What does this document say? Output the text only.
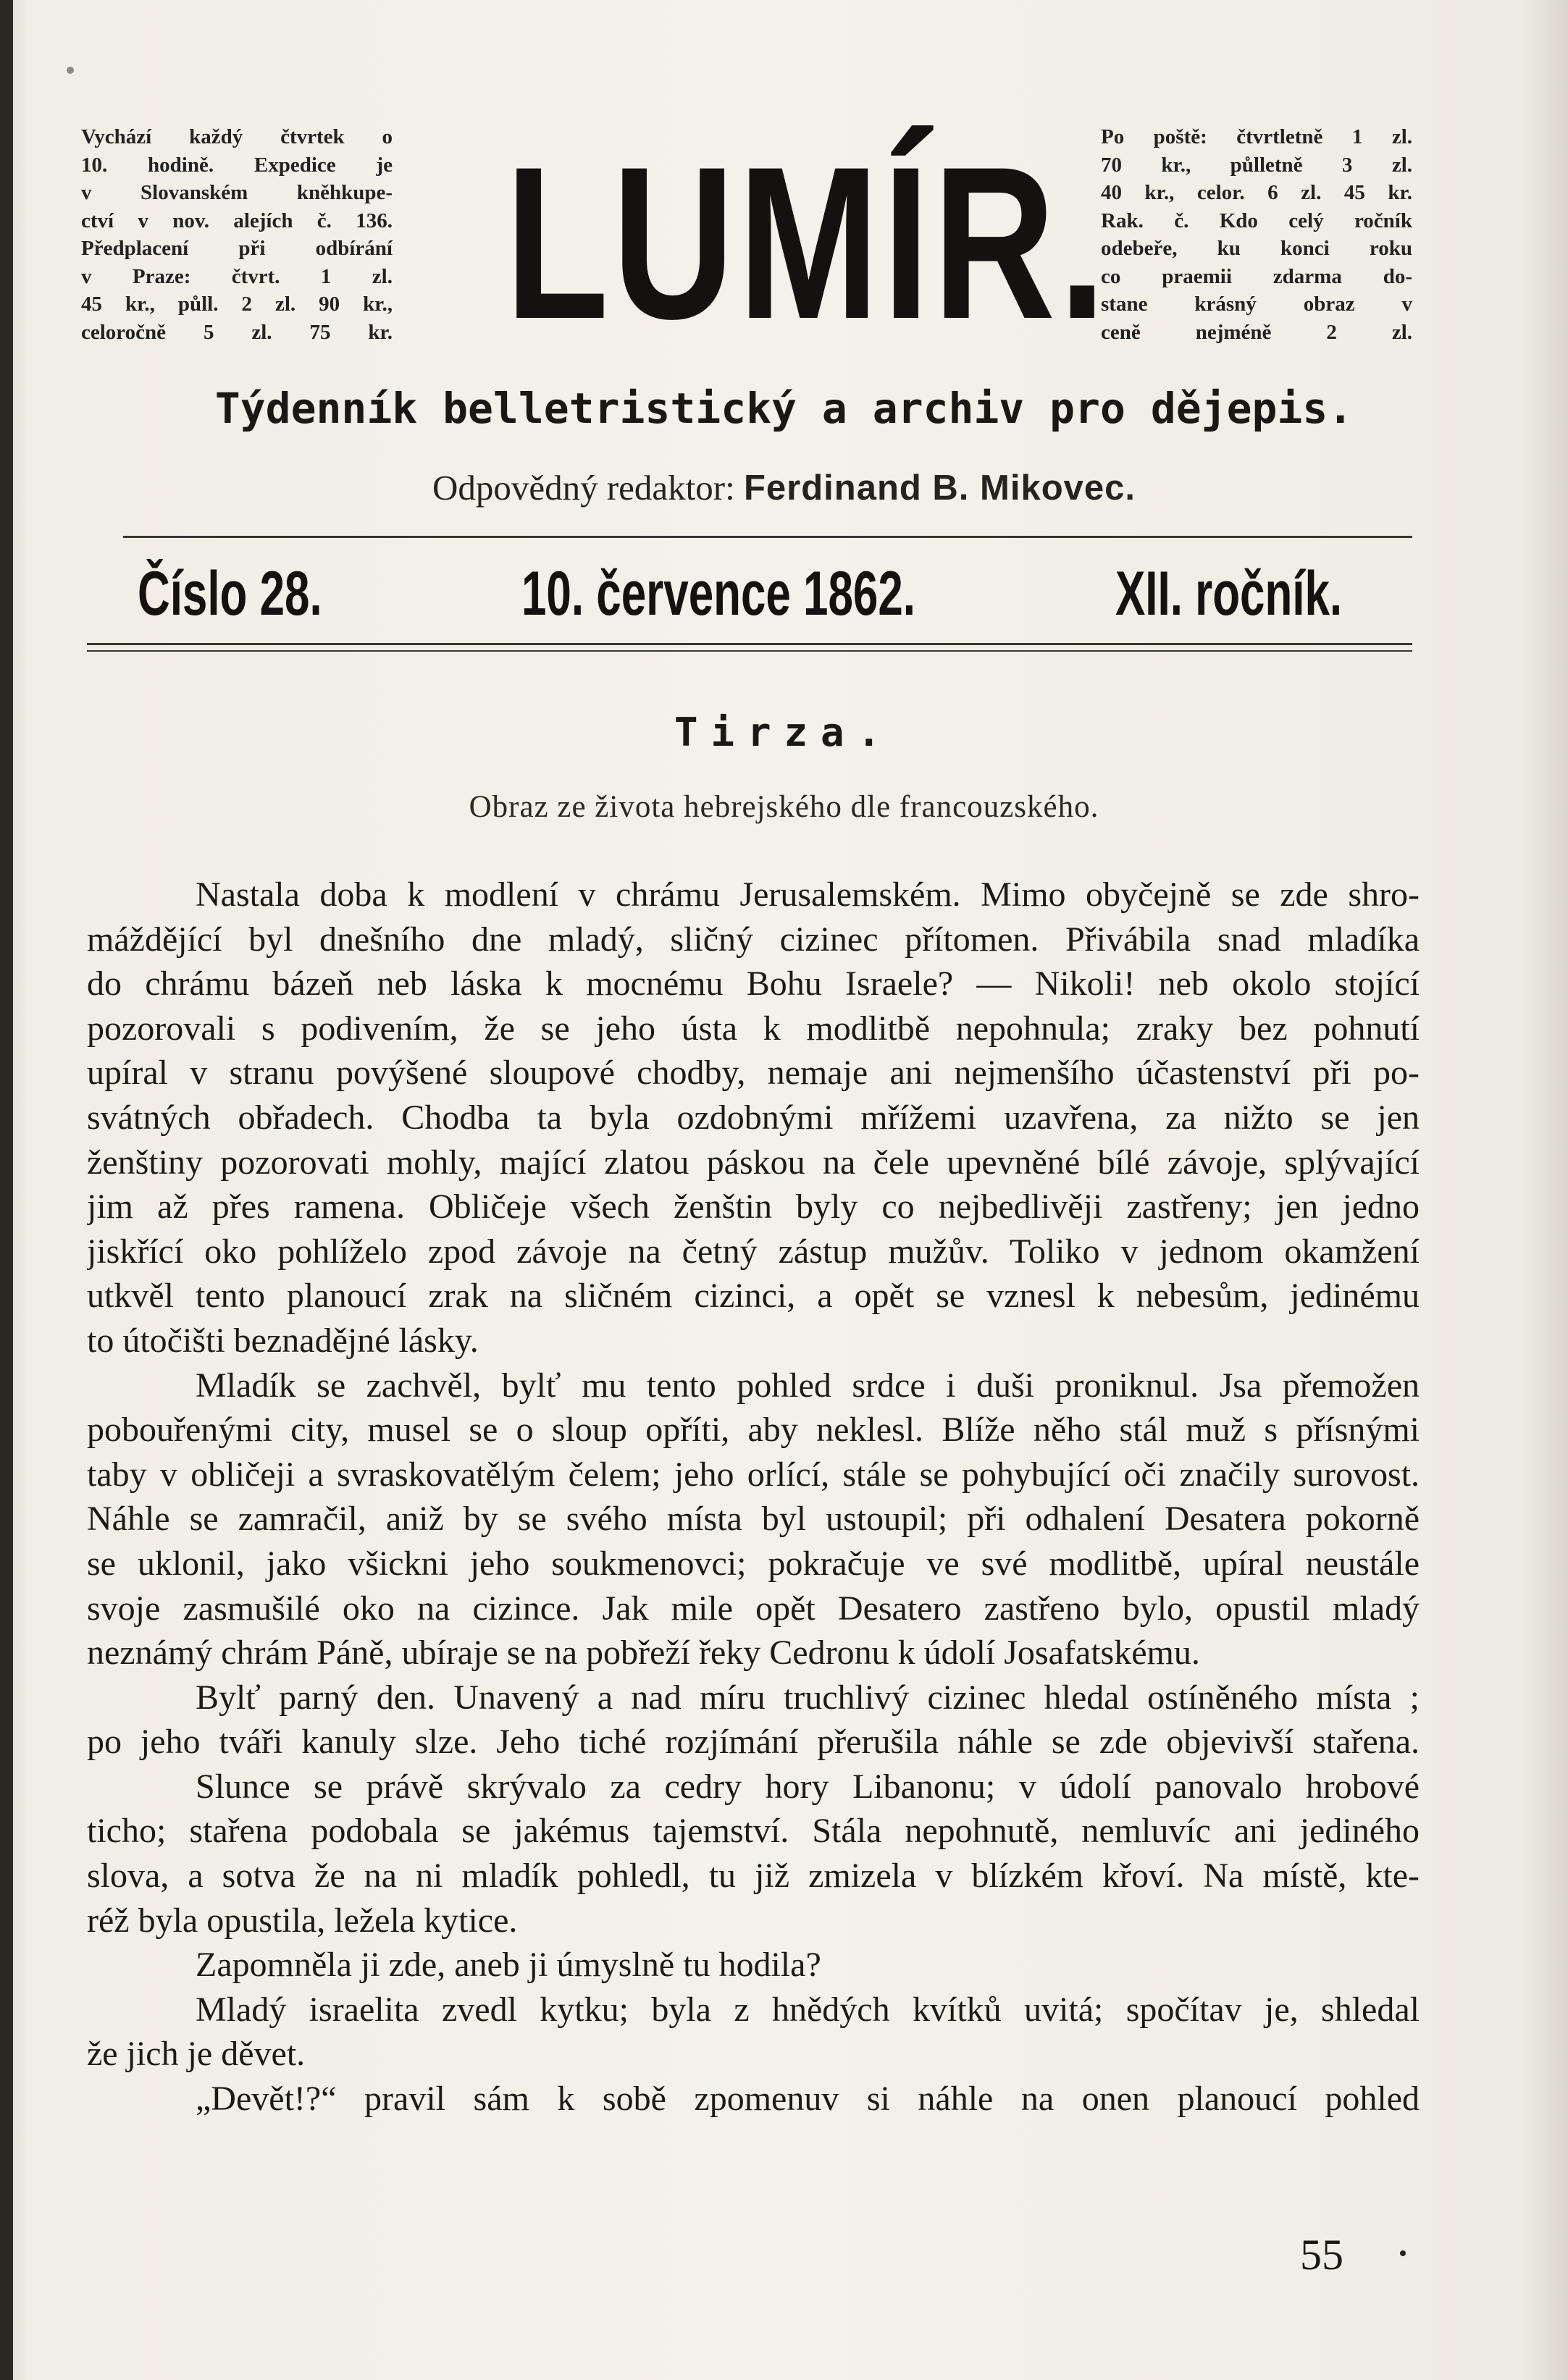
Vychází každý čtvrtek o
10. hodině. Expedice je
v Slovanském kněhkupe-
ctví v nov. alejích č. 136.
Předplacení při odbírání
v Praze: čtvrt. 1 zl.
45 kr., půll. 2 zl. 90 kr.,
celoročně 5 zl. 75 kr. LUMÍR.
Po poště: čtvrtletně 1 zl.
70 kr., půlletně 3 zl.
40 kr., celor. 6 zl. 45 kr.
Rak. č. Kdo celý ročník
odebeře, ku konci roku
co praemii zdarma do-
stane krásný obraz v
ceně nejméně 2 zl.
Týdenník belletristický a archiv pro dějepis.
Odpovědný redaktor: Ferdinand B. Mikovec.
Číslo 28.	10. července 1862.	XII. ročník.
Tirza.
Obraz ze života hebrejského dle francouzského.
Nastala doba k modlení v chrámu Jerusalemském. Mimo obyčejně se zde shro-
máždějící byl dnešního dne mladý, sličný cizinec přítomen. Přivábila snad mladíka
do chrámu bázeň neb láska k mocnému Bohu Israele? — Nikoli! neb okolo stojící
pozorovali s podivením, že se jeho ústa k modlitbě nepohnula; zraky bez pohnutí
upíral v stranu povýšené sloupové chodby, nemaje ani nejmenšího účastenství při po-
svátných obřadech. Chodba ta byla ozdobnými mřížemi uzavřena, za nižto se jen
ženštiny pozorovati mohly, mající zlatou páskou na čele upevněné bílé závoje, splývající
jim až přes ramena. Obličeje všech ženštin byly co nejbedlivěji zastřeny; jen jedno
jiskřící oko pohlíželo zpod závoje na četný zástup mužův. Toliko v jednom okamžení
utkvěl tento planoucí zrak na sličném cizinci, a opět se vznesl k nebesům, jedinému
to útočišti beznadějné lásky.
Mladík se zachvěl, bylť mu tento pohled srdce i duši proniknul. Jsa přemožen
pobouřenými city, musel se o sloup opříti, aby neklesl. Blíže něho stál muž s přísnými
taby v obličeji a svraskovatělým čelem; jeho orlící, stále se pohybující oči značily surovost.
Náhle se zamračil, aniž by se svého místa byl ustoupil; při odhalení Desatera pokorně
se uklonil, jako všickni jeho soukmenovci; pokračuje ve své modlitbě, upíral neustále
svoje zasmušilé oko na cizince. Jak mile opět Desatero zastřeno bylo, opustil mladý
neznámý chrám Páně, ubíraje se na pobřeží řeky Cedronu k údolí Josafatskému.
Bylť parný den. Unavený a nad míru truchlivý cizinec hledal ostíněného místa ;
po jeho tváři kanuly slze. Jeho tiché rozjímání přerušila náhle se zde objevivší stařena.
Slunce se právě skrývalo za cedry hory Libanonu; v údolí panovalo hrobové
ticho; stařena podobala se jakémus tajemství. Stála nepohnutě, nemluvíc ani jediného
slova, a sotva že na ni mladík pohledl, tu již zmizela v blízkém křoví. Na místě, kte-
réž byla opustila, ležela kytice.
Zapomněla ji zde, aneb ji úmyslně tu hodila?
Mladý israelita zvedl kytku; byla z hnědých kvítků uvitá; spočítav je, shledal
že jich je děvet.
„Devět!?“ pravil sám k sobě zpomenuv si náhle na onen planoucí pohled
55
